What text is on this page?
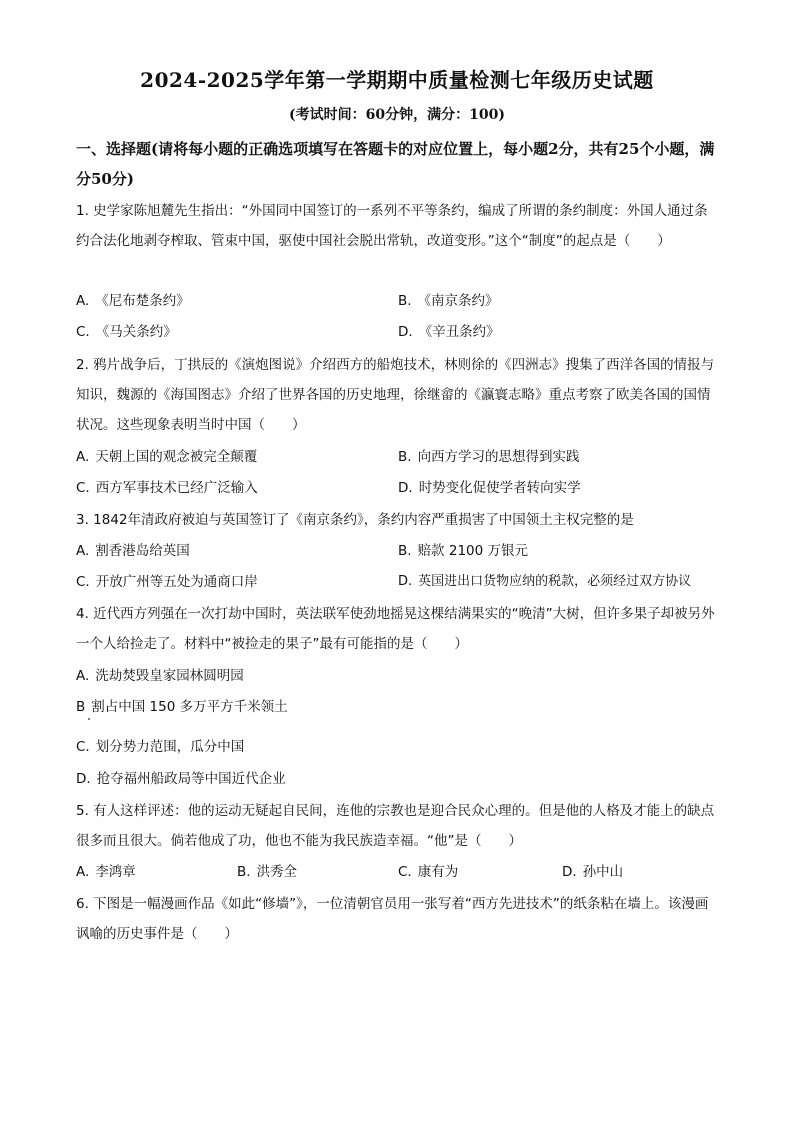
2024-2025学年第一学期期中质量检测七年级历史试题
(考试时间：60分钟，满分：100)
一、选择题(请将每小题的正确选项填写在答题卡的对应位置上，每小题2分，共有25个小题，满分50分)
1. 史学家陈旭麓先生指出：“外国同中国签订的一系列不平等条约，编成了所谓的条约制度：外国人通过条约合法化地剥夺榨取、管束中国，驱使中国社会脱出常轨，改道变形。”这个“制度”的起点是（　　）
A. 《尼布楚条约》	B. 《南京条约》
C. 《马关条约》	D. 《辛丑条约》
2. 鸦片战争后，丁拱辰的《演炮图说》介绍西方的船炮技术，林则徐的《四洲志》搜集了西洋各国的情报与知识，魏源的《海国图志》介绍了世界各国的历史地理，徐继畲的《瀛寰志略》重点考察了欧美各国的国情状况。这些现象表明当时中国（　　）
A. 天朝上国的观念被完全颠覆	B. 向西方学习的思想得到实践
C. 西方军事技术已经广泛输入	D. 时势变化促使学者转向实学
3. 1842年清政府被迫与英国签订了《南京条约》，条约内容严重损害了中国领土主权完整的是
A. 割香港岛给英国	B. 赔款 2100 万银元
C. 开放广州等五处为通商口岸	D. 英国进出口货物应纳的税款，必须经过双方协议
4. 近代西方列强在一次打劫中国时，英法联军使劲地摇晃这棵结满果实的“晚清”大树，但许多果子却被另外一个人给捡走了。材料中“被捡走的果子”最有可能指的是（　　）
A. 洗劫焚毁皇家园林圆明园
B 割占中国 150 多万平方千米领土
C. 划分势力范围，瓜分中国
D. 抢夺福州船政局等中国近代企业
5. 有人这样评述：他的运动无疑起自民间，连他的宗教也是迎合民众心理的。但是他的人格及才能上的缺点很多而且很大。倘若他成了功，他也不能为我民族造幸福。“他”是（　　）
A. 李鸿章	B. 洪秀全	C. 康有为	D. 孙中山
6. 下图是一幅漫画作品《如此“修墙”》，一位清朝官员用一张写着“西方先进技术”的纸条粘在墙上。该漫画讽喻的历史事件是（　　）
